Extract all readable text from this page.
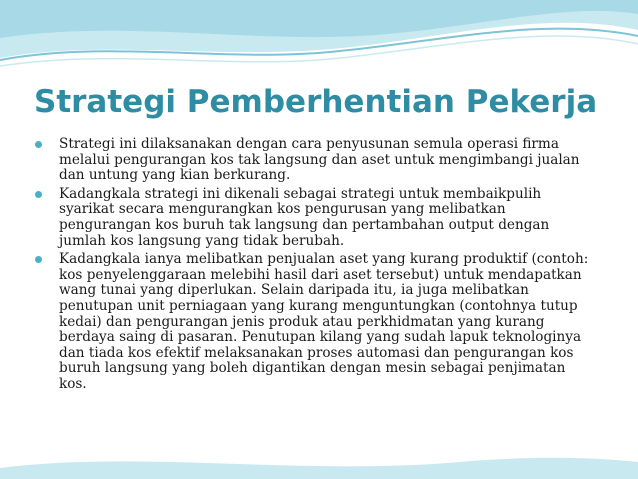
Strategi Pemberhentian Pekerja
Strategi ini dilaksanakan dengan cara penyusunan semula operasi firma melalui pengurangan kos tak langsung dan aset untuk mengimbangi jualan dan untung yang kian berkurang.
Kadangkala strategi ini dikenali sebagai strategi untuk membaikpulih syarikat secara mengurangkan kos pengurusan yang melibatkan pengurangan kos buruh tak langsung dan pertambahan output dengan jumlah kos langsung yang tidak berubah.
Kadangkala ianya melibatkan penjualan aset yang kurang produktif (contoh: kos penyelenggaraan melebihi hasil dari aset tersebut) untuk mendapatkan wang tunai yang diperlukan. Selain daripada itu, ia juga melibatkan penutupan unit perniagaan yang kurang menguntungkan (contohnya tutup kedai) dan pengurangan jenis produk atau perkhidmatan yang kurang berdaya saing di pasaran. Penutupan kilang yang sudah lapuk teknologinya dan tiada kos efektif melaksanakan proses automasi dan pengurangan kos buruh langsung yang boleh digantikan dengan mesin sebagai penjimatan kos.
